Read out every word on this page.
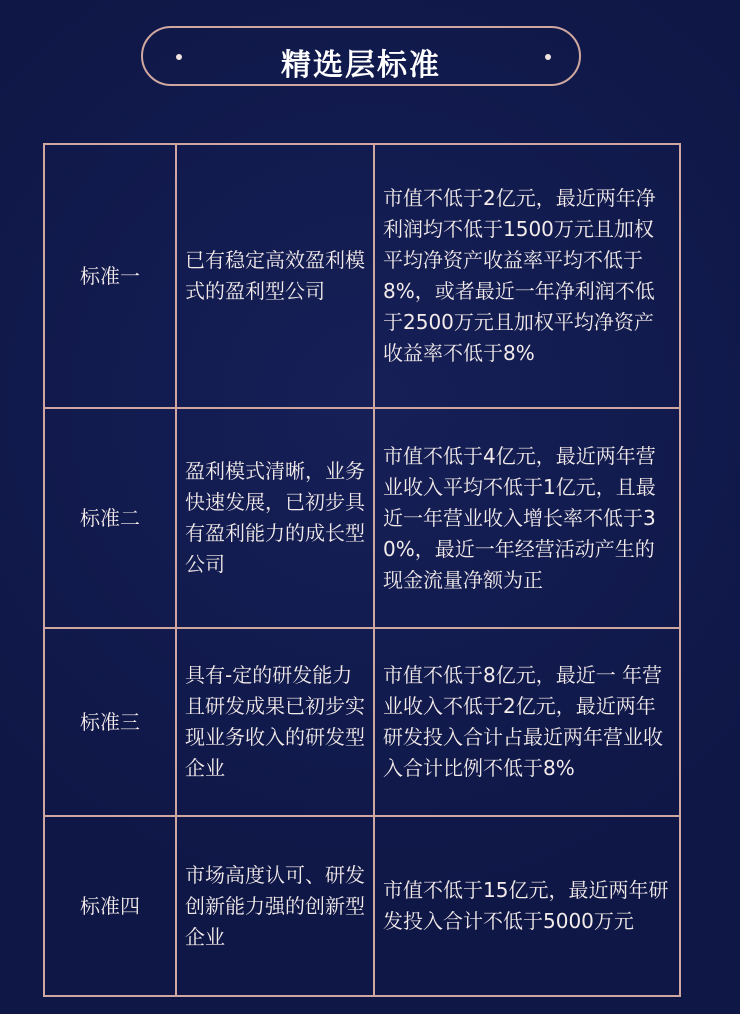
精选层标准
标准一	已有稳定高效盈利模式的盈利型公司	市值不低于2亿元，最近两年净利润均不低于1500万元且加权平均净资产收益率平均不低于8%，或者最近一年净利润不低于2500万元且加权平均净资产收益率不低于8%
标准二	盈利模式清晰，业务快速发展，已初步具有盈利能力的成长型公司	市值不低于4亿元，最近两年营业收入平均不低于1亿元，且最近一年营业收入增长率不低于30%，最近一年经营活动产生的现金流量净额为正
标准三	具有-定的研发能力且研发成果已初步实现业务收入的研发型企业	市值不低于8亿元，最近一 年营业收入不低于2亿元，最近两年研发投入合计占最近两年营业收入合计比例不低于8%
标准四	市场高度认可、研发创新能力强的创新型企业	市值不低于15亿元，最近两年研发投入合计不低于5000万元
